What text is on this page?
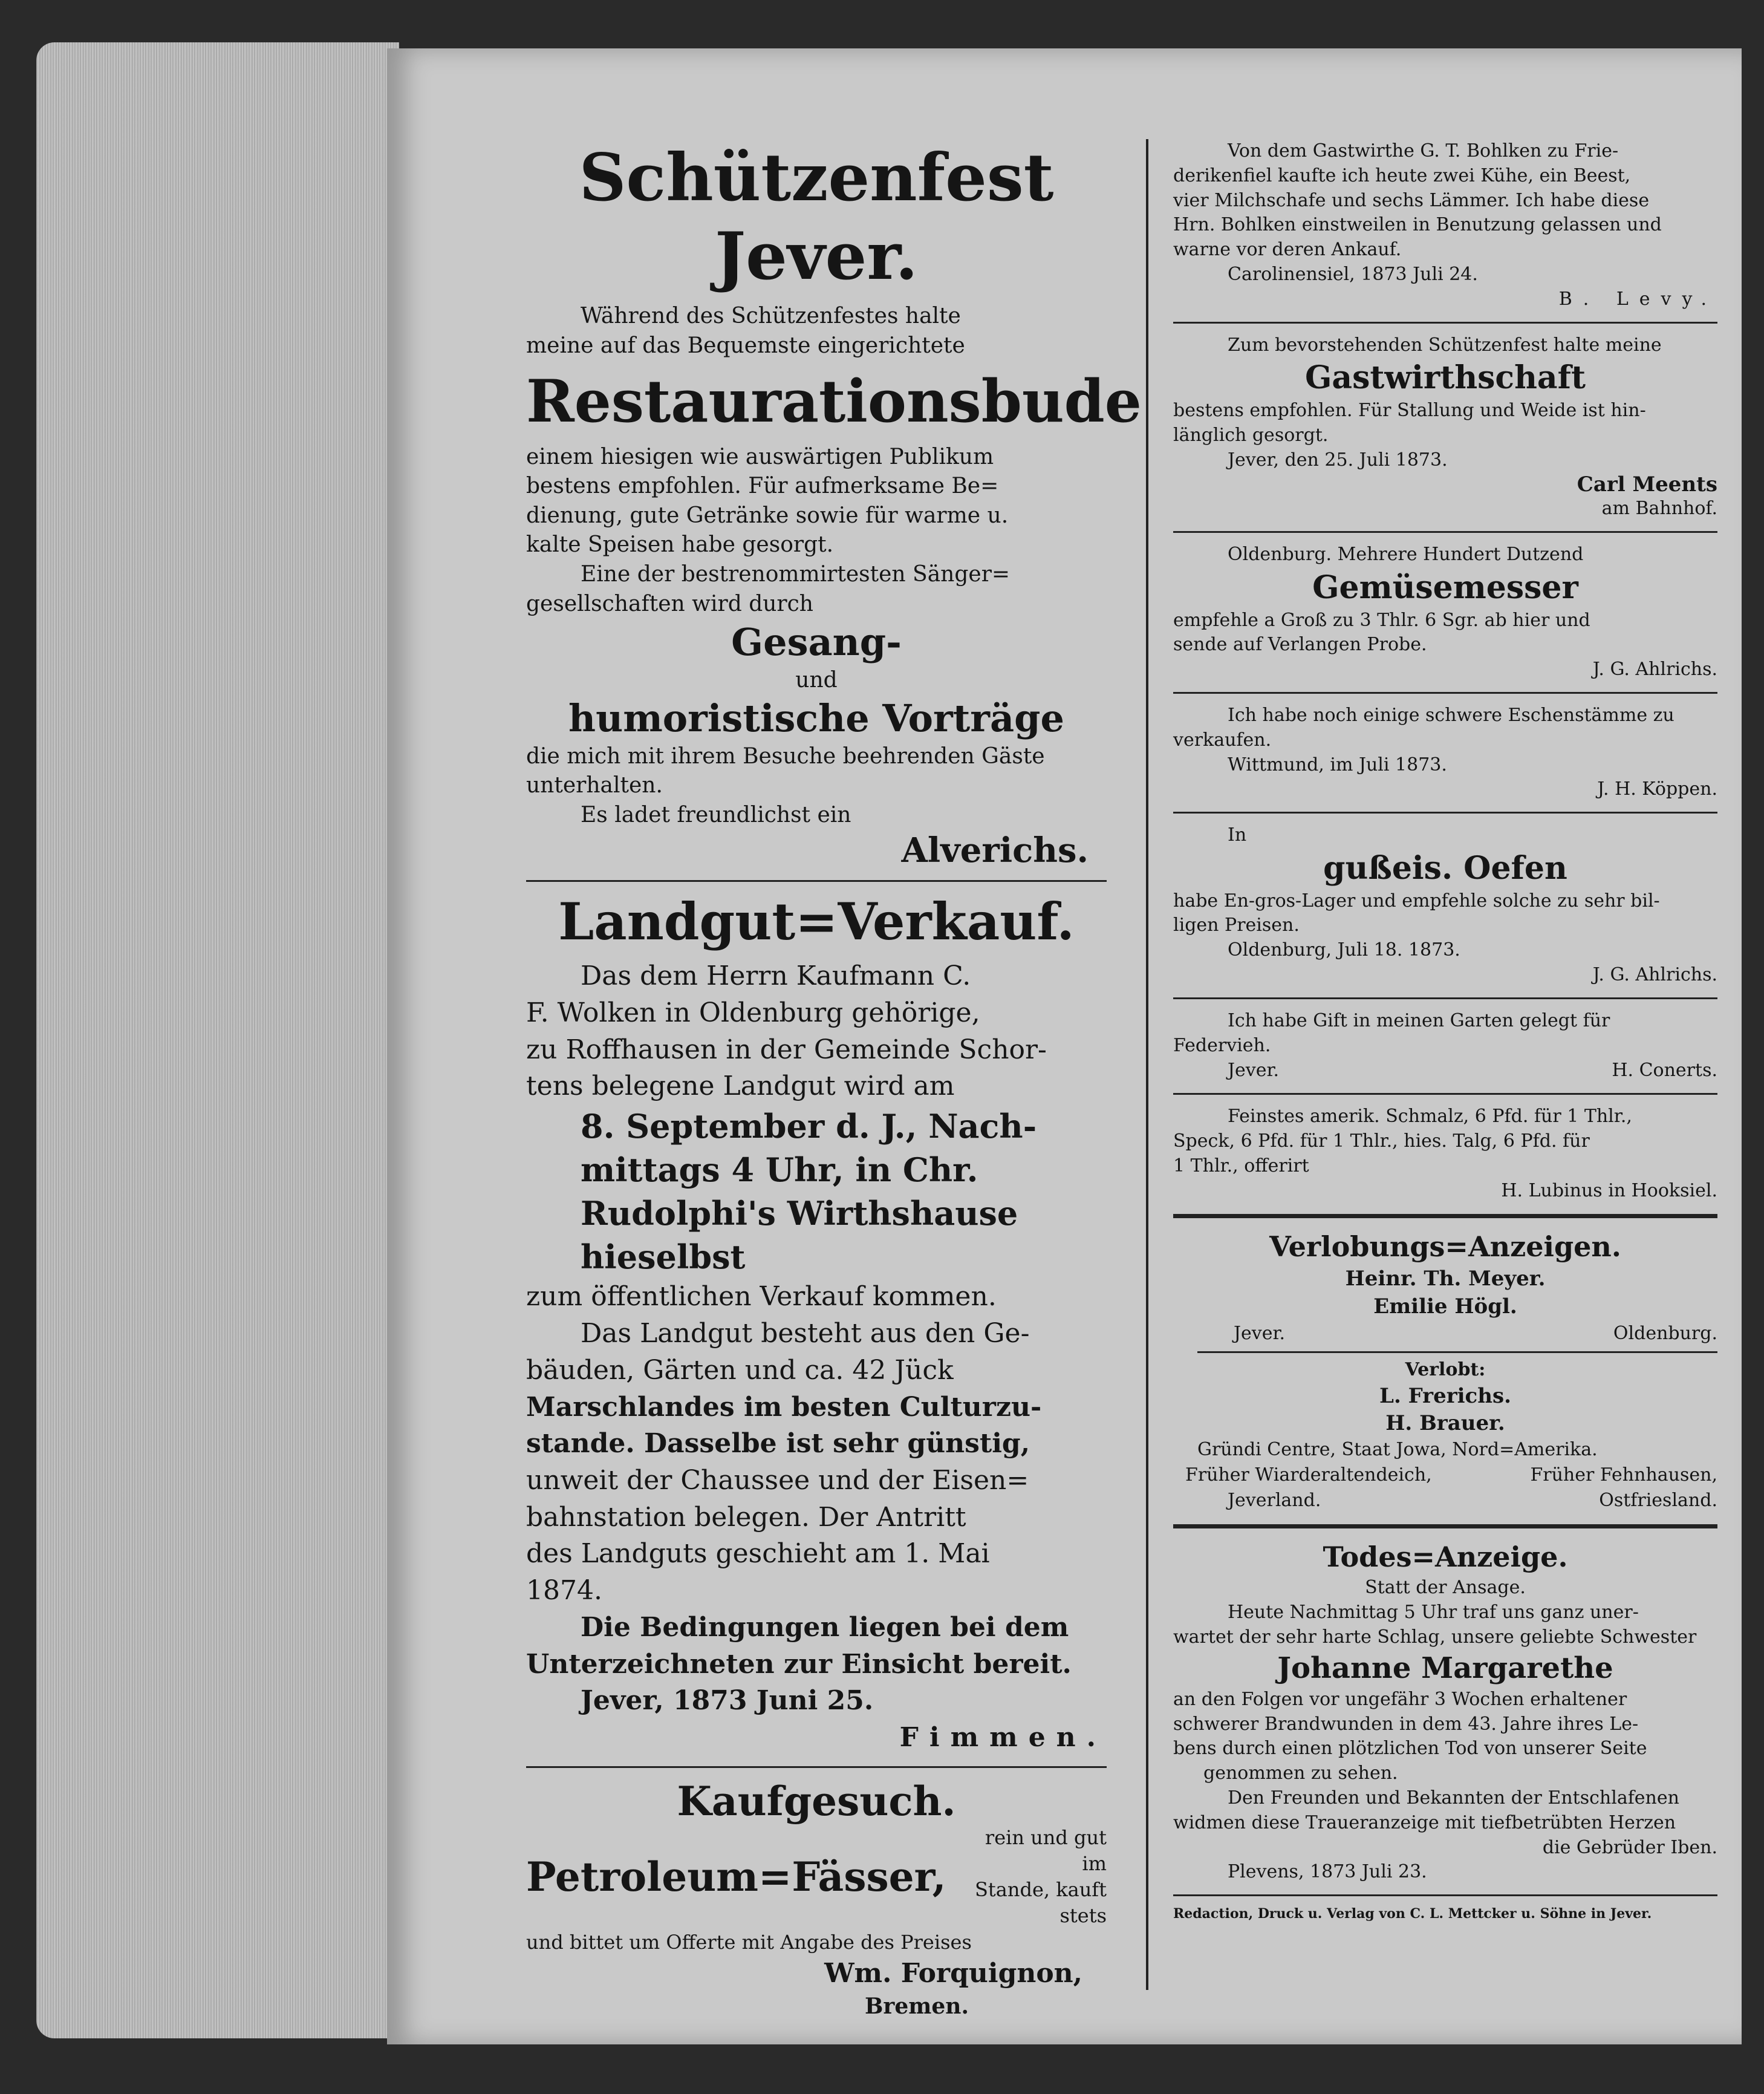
Schützenfest Jever.
Während des Schützenfestes halte
meine auf das Bequemste eingerichtete
Restaurationsbude
einem hiesigen wie auswärtigen Publikum
bestens empfohlen. Für aufmerksame Be=
dienung, gute Getränke sowie für warme u.
kalte Speisen habe gesorgt.
Eine der bestrenommirtesten Sänger=
gesellschaften wird durch
Gesang-
und
humoristische Vorträge
die mich mit ihrem Besuche beehrenden Gäste
unterhalten.
Es ladet freundlichst ein
Alverichs.
Landgut=Verkauf.
Das dem Herrn Kaufmann C.
F. Wolken in Oldenburg gehörige,
zu Roffhausen in der Gemeinde Schor-
tens belegene Landgut wird am
8. September d. J., Nach-
mittags 4 Uhr, in Chr.
Rudolphi's Wirthshause
hieselbst
zum öffentlichen Verkauf kommen.
Das Landgut besteht aus den Ge-
bäuden, Gärten und ca. 42 Jück
Marschlandes im besten Culturzu-
stande. Dasselbe ist sehr günstig,
unweit der Chaussee und der Eisen=
bahnstation belegen. Der Antritt
des Landguts geschieht am 1. Mai
1874.
Die Bedingungen liegen bei dem
Unterzeichneten zur Einsicht bereit.
Jever, 1873 Juni 25.
Fimmen.
Kaufgesuch.
Petroleum=Fässer,
rein und gut im
Stande, kauft stets
und bittet um Offerte mit Angabe des Preises
Wm. Forquignon,
Bremen.
Von dem Gastwirthe G. T. Bohlken zu Frie-
derikenfiel kaufte ich heute zwei Kühe, ein Beest,
vier Milchschafe und sechs Lämmer. Ich habe diese
Hrn. Bohlken einstweilen in Benutzung gelassen und
warne vor deren Ankauf.
Carolinensiel, 1873 Juli 24.
B. Levy.
Zum bevorstehenden Schützenfest halte meine
Gastwirthschaft
bestens empfohlen. Für Stallung und Weide ist hin-
länglich gesorgt.
Jever, den 25. Juli 1873.
Carl Meents
am Bahnhof.
Oldenburg. Mehrere Hundert Dutzend
Gemüsemesser
empfehle a Groß zu 3 Thlr. 6 Sgr. ab hier und
sende auf Verlangen Probe.
J. G. Ahlrichs.
Ich habe noch einige schwere Eschenstämme zu
verkaufen.
Wittmund, im Juli 1873.
J. H. Köppen.
In
gußeis. Oefen
habe En-gros-Lager und empfehle solche zu sehr bil-
ligen Preisen.
Oldenburg, Juli 18. 1873.
J. G. Ahlrichs.
Ich habe Gift in meinen Garten gelegt für
Federvieh.
Jever.	H. Conerts.
Feinstes amerik. Schmalz, 6 Pfd. für 1 Thlr.,
Speck, 6 Pfd. für 1 Thlr., hies. Talg, 6 Pfd. für
1 Thlr., offerirt
H. Lubinus in Hooksiel.
Verlobungs=Anzeigen.
Heinr. Th. Meyer.
Emilie Högl.
Jever.	Oldenburg.
Verlobt:
L. Frerichs.
H. Brauer.
Gründi Centre, Staat Jowa, Nord=Amerika.
Früher Wiarderaltendeich,	Früher Fehnhausen,
Jeverland.	Ostfriesland.
Todes=Anzeige.
Statt der Ansage.
Heute Nachmittag 5 Uhr traf uns ganz uner-
wartet der sehr harte Schlag, unsere geliebte Schwester
Johanne Margarethe
an den Folgen vor ungefähr 3 Wochen erhaltener
schwerer Brandwunden in dem 43. Jahre ihres Le-
bens durch einen plötzlichen Tod von unserer Seite
genommen zu sehen.
Den Freunden und Bekannten der Entschlafenen
widmen diese Traueranzeige mit tiefbetrübten Herzen
die Gebrüder Iben.
Plevens, 1873 Juli 23.
Redaction, Druck u. Verlag von C. L. Mettcker u. Söhne in Jever.
